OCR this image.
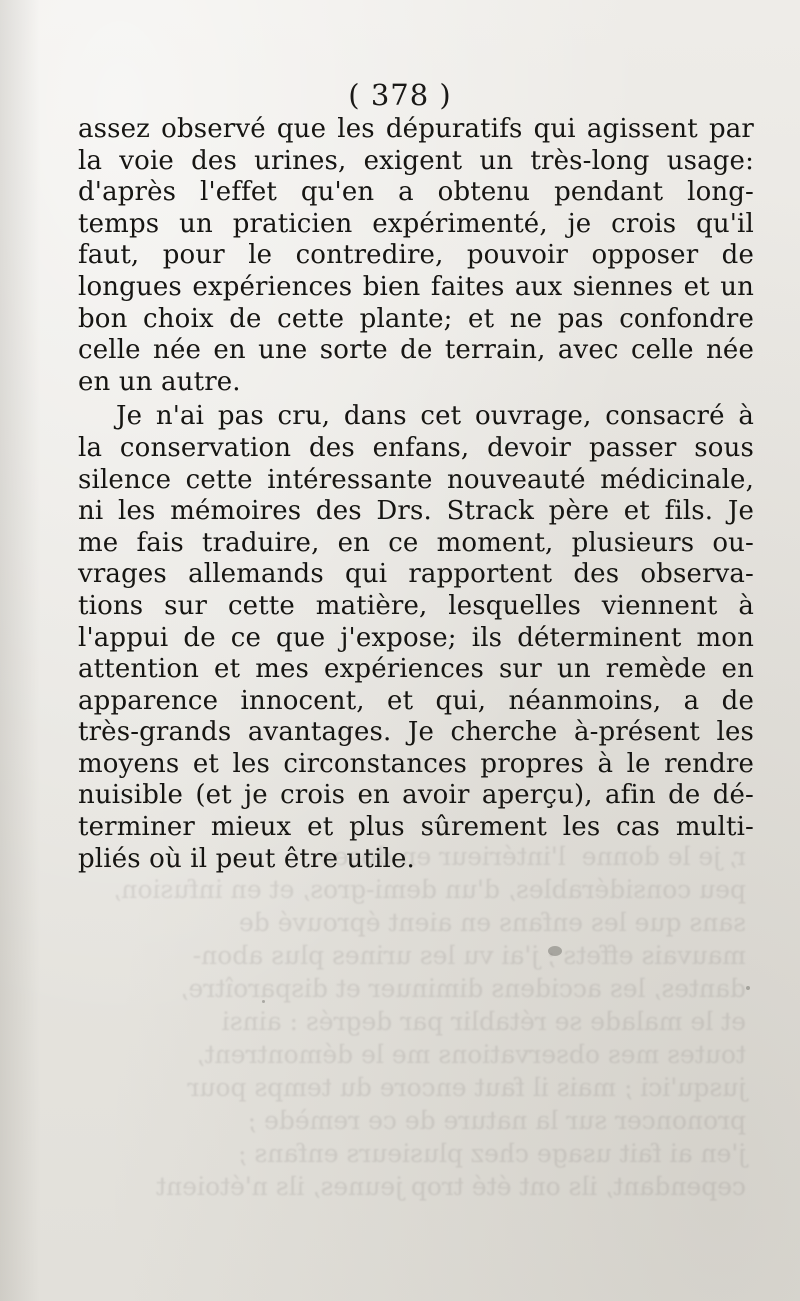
r, je le donne  l'intérieur en doses
peu considérables, d'un demi-gros, et en infusion,
sans que les enfans en aient éprouvé de
mauvais effets ; j'ai vu les urines plus abon-
dantes, les accidens diminuer et disparoître,
et le malade se rétablir par degrés : ainsi
toutes mes observations me le démontrent,
jusqu'ici ; mais il faut encore du temps pour
prononcer sur la nature de ce remède ;
j'en ai fait usage chez plusieurs enfans ;
cependant, ils ont été trop jeunes, ils n'étoient
( 378 )
assez observé que les dépuratifs qui agissent par
la voie des urines, exigent un très-long usage:
d'après l'effet qu'en a obtenu pendant long-
temps un praticien expérimenté, je crois qu'il
faut, pour le contredire, pouvoir opposer de
longues expériences bien faites aux siennes et un
bon choix de cette plante; et ne pas confondre
celle née en une sorte de terrain, avec celle née
en un autre.
Je n'ai pas cru, dans cet ouvrage, consacré à
la conservation des enfans, devoir passer sous
silence cette intéressante nouveauté médicinale,
ni les mémoires des Drs. Strack père et fils. Je
me fais traduire, en ce moment, plusieurs ou-
vrages allemands qui rapportent des observa-
tions sur cette matière, lesquelles viennent à
l'appui de ce que j'expose; ils déterminent mon
attention et mes expériences sur un remède en
apparence innocent, et qui, néanmoins, a de
très-grands avantages. Je cherche à-présent les
moyens et les circonstances propres à le rendre
nuisible (et je crois en avoir aperçu), afin de dé-
terminer mieux et plus sûrement les cas multi-
pliés où il peut être utile.
